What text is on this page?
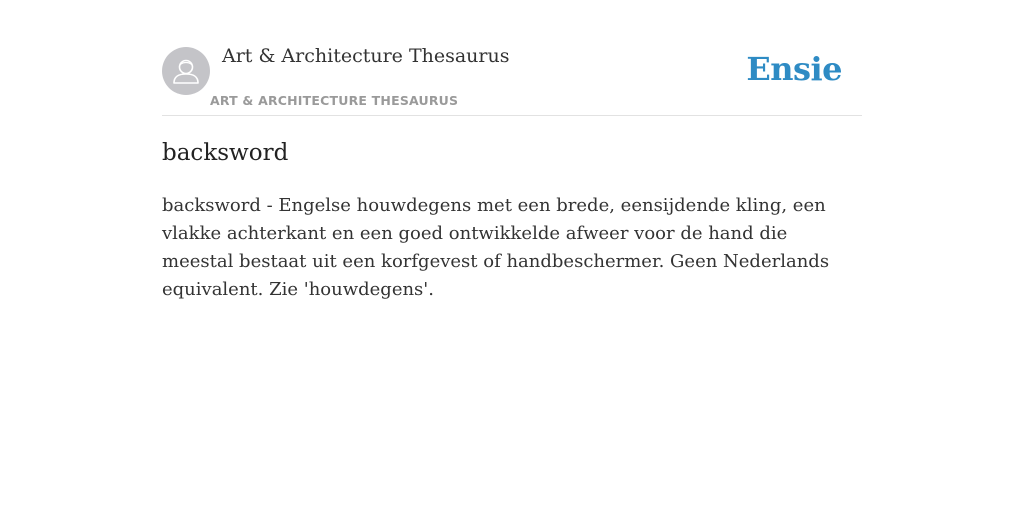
Art & Architecture Thesaurus
ART & ARCHITECTURE THESAURUS
Ensie
backsword

backsword - Engelse houwdegens met een brede, eensijdende kling, een vlakke achterkant en een goed ontwikkelde afweer voor de hand die meestal bestaat uit een korfgevest of handbeschermer. Geen Nederlands equivalent. Zie 'houwdegens'.
